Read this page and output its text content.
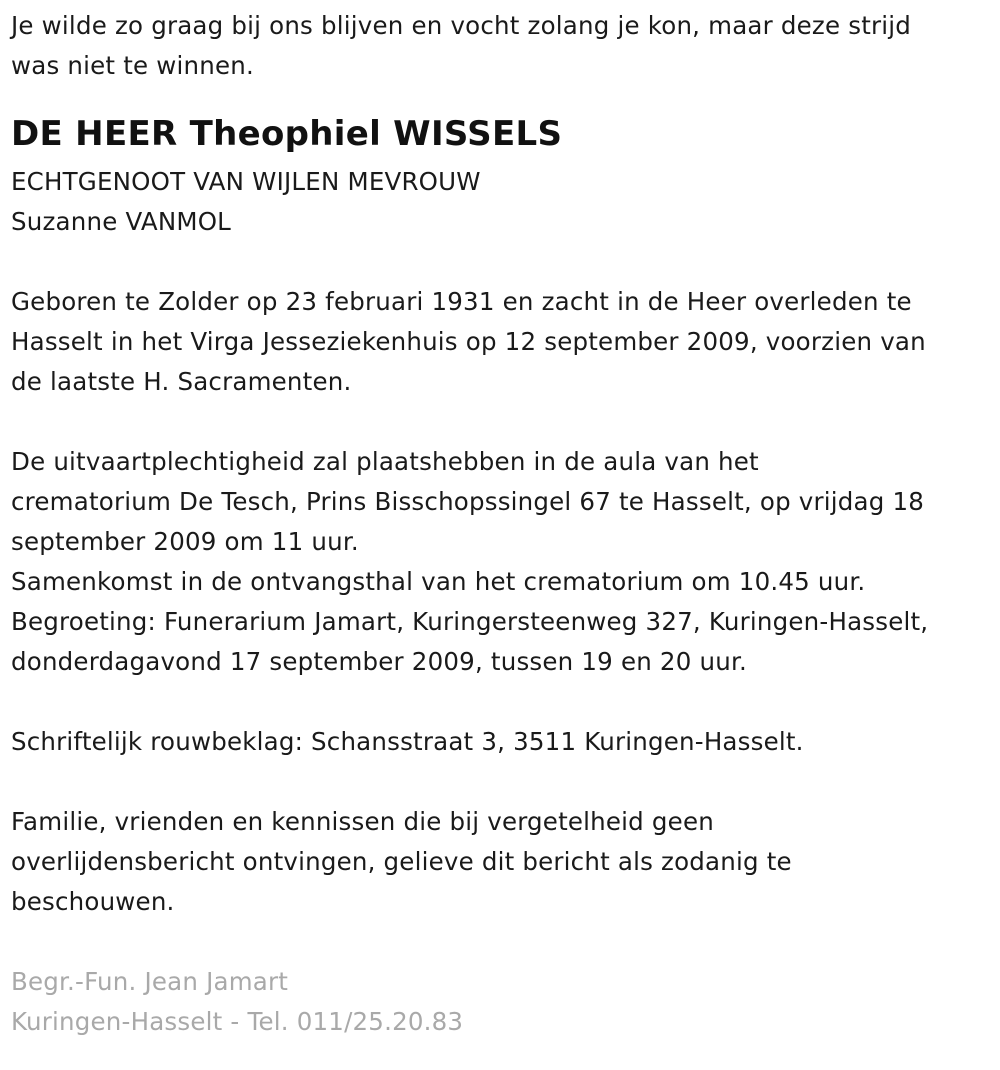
Je wilde zo graag bij ons blijven en vocht zolang je kon, maar deze strijd
was niet te winnen.

DE HEER Theophiel WISSELS

ECHTGENOOT VAN WIJLEN MEVROUW
Suzanne VANMOL

Geboren te Zolder op 23 februari 1931 en zacht in de Heer overleden te
Hasselt in het Virga Jesseziekenhuis op 12 september 2009, voorzien van
de laatste H. Sacramenten.

De uitvaartplechtigheid zal plaatshebben in de aula van het
crematorium De Tesch, Prins Bisschopssingel 67 te Hasselt, op vrijdag 18
september 2009 om 11 uur.
Samenkomst in de ontvangsthal van het crematorium om 10.45 uur.
Begroeting: Funerarium Jamart, Kuringersteenweg 327, Kuringen-Hasselt,
donderdagavond 17 september 2009, tussen 19 en 20 uur.

Schriftelijk rouwbeklag: Schansstraat 3, 3511 Kuringen-Hasselt.

Familie, vrienden en kennissen die bij vergetelheid geen
overlijdensbericht ontvingen, gelieve dit bericht als zodanig te
beschouwen.

Begr.-Fun. Jean Jamart
Kuringen-Hasselt - Tel. 011/25.20.83
